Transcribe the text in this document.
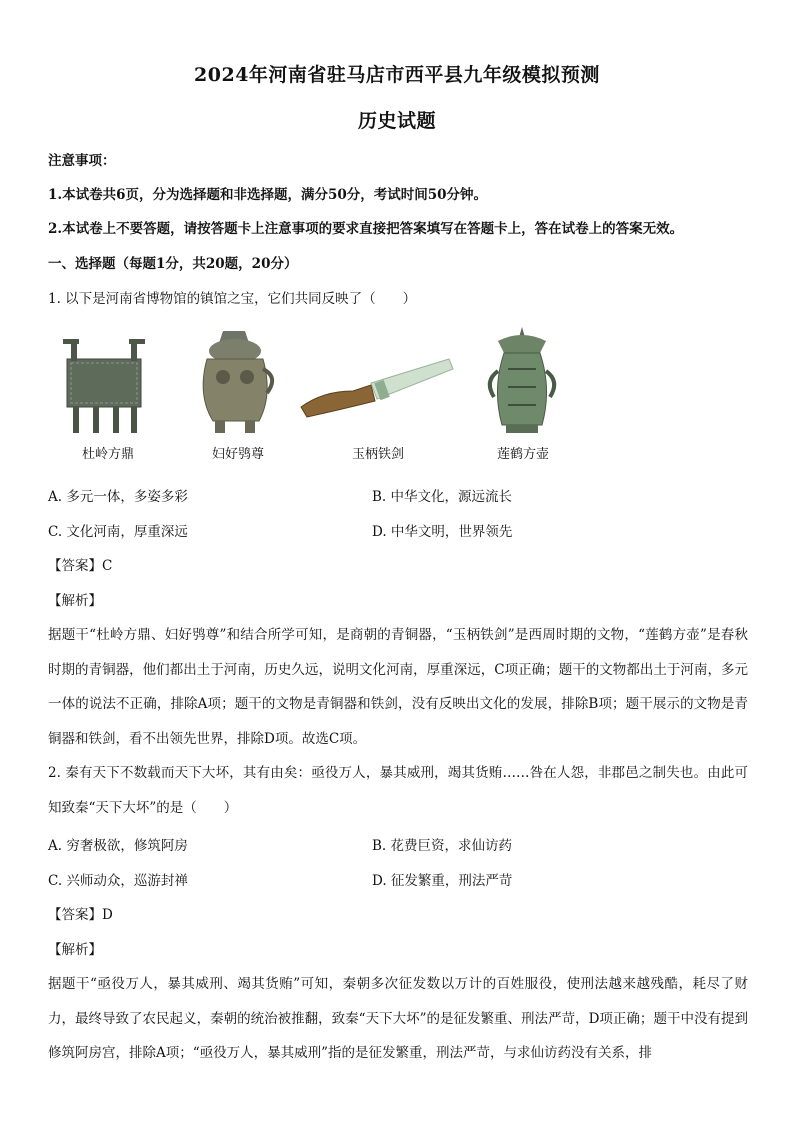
2024年河南省驻马店市西平县九年级模拟预测
历史试题
注意事项：
1.本试卷共6页，分为选择题和非选择题，满分50分，考试时间50分钟。
2.本试卷上不要答题，请按答题卡上注意事项的要求直接把答案填写在答题卡上，答在试卷上的答案无效。
一、选择题（每题1分，共20题，20分）
1. 以下是河南省博物馆的镇馆之宝，它们共同反映了（　　）
杜岭方鼎	妇好鸮尊	玉柄铁剑	莲鹤方壶
A. 多元一体，多姿多彩	B. 中华文化，源远流长
C. 文化河南，厚重深远	D. 中华文明，世界领先
【答案】C
【解析】
据题干“杜岭方鼎、妇好鸮尊”和结合所学可知，是商朝的青铜器，“玉柄铁剑”是西周时期的文物，“莲鹤方壶”是春秋时期的青铜器，他们都出土于河南，历史久远，说明文化河南，厚重深远，C项正确；题干的文物都出土于河南，多元一体的说法不正确，排除A项；题干的文物是青铜器和铁剑，没有反映出文化的发展，排除B项；题干展示的文物是青铜器和铁剑，看不出领先世界，排除D项。故选C项。
2. 秦有天下不数载而天下大坏，其有由矣：亟役万人，暴其威刑，竭其货贿……咎在人怨，非郡邑之制失也。由此可知致秦“天下大坏”的是（　　）
A. 穷奢极欲，修筑阿房	B. 花费巨资，求仙访药
C. 兴师动众，巡游封禅	D. 征发繁重，刑法严苛
【答案】D
【解析】
据题干“亟役万人，暴其威刑、竭其货贿”可知，秦朝多次征发数以万计的百姓服役，使刑法越来越残酷，耗尽了财力，最终导致了农民起义，秦朝的统治被推翻，致秦“天下大坏”的是征发繁重、刑法严苛，D项正确；题干中没有提到修筑阿房宫，排除A项；“亟役万人，暴其威刑”指的是征发繁重，刑法严苛，与求仙访药没有关系，排
